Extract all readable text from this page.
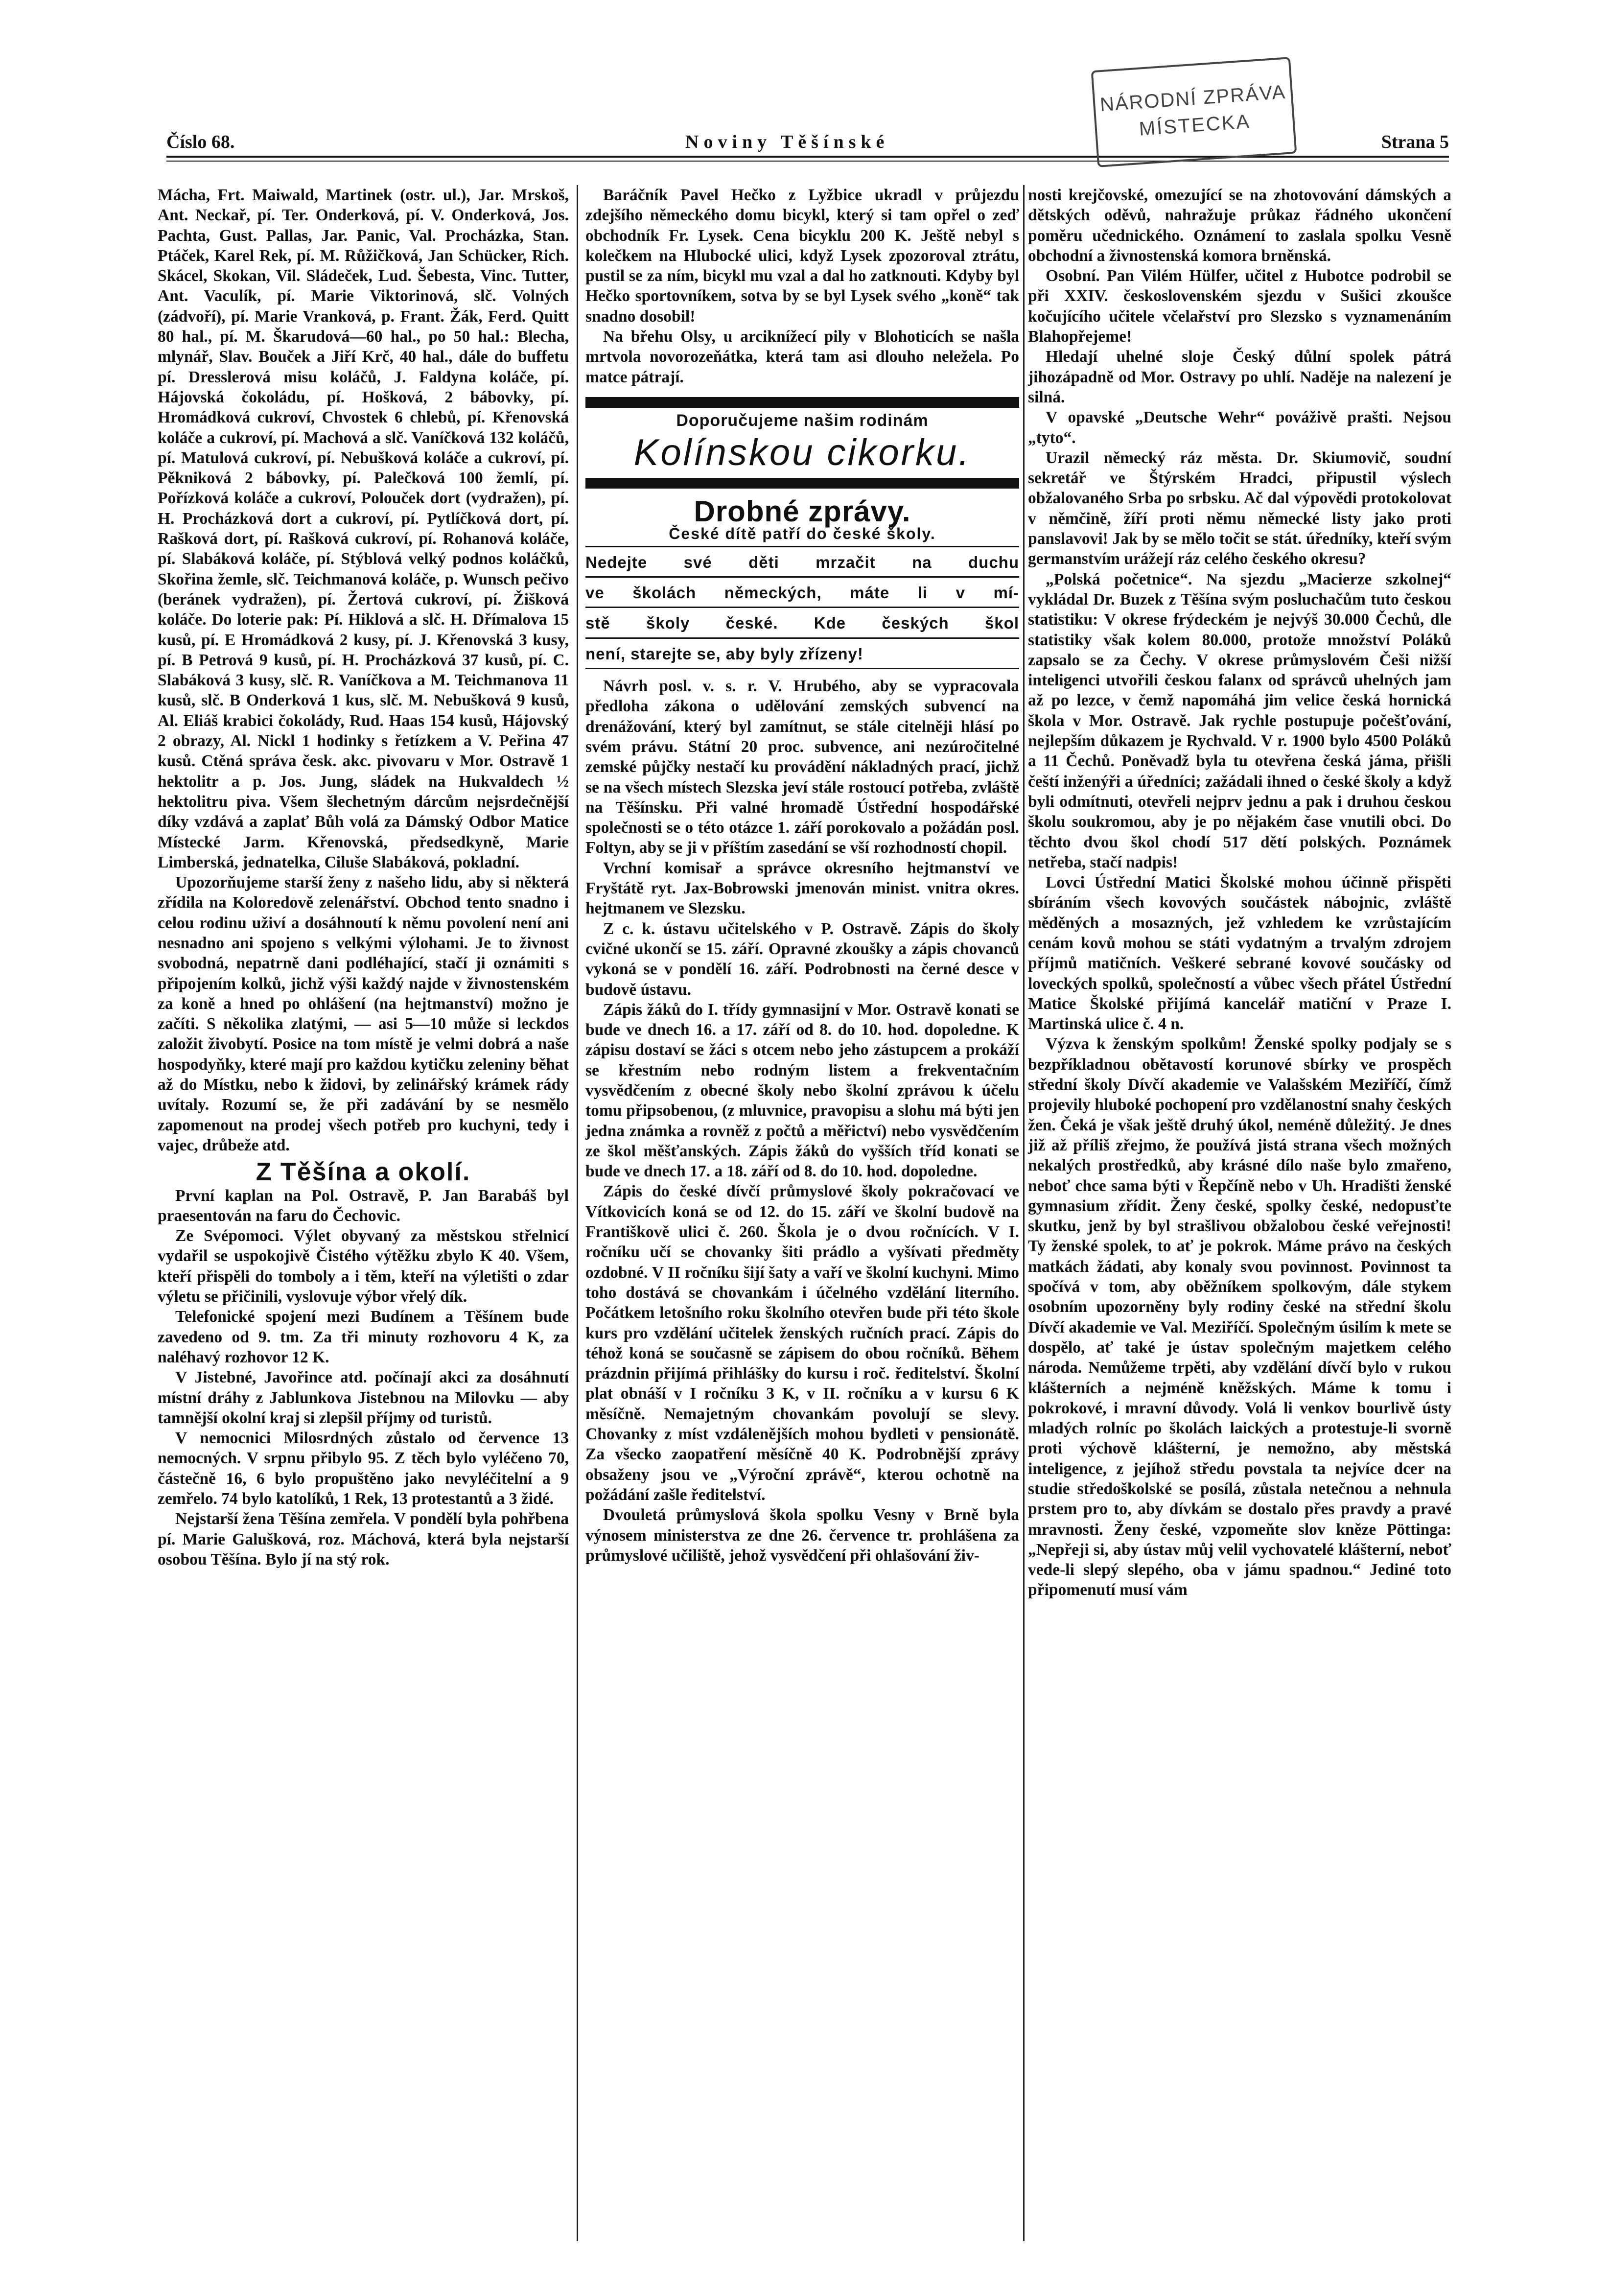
Číslo 68.	Noviny Těšínské	Strana 5
NÁRODNÍ ZPRÁVA
MÍSTECKA

Mácha, Frt. Maiwald, Martinek (ostr. ul.), Jar. Mrskoš, Ant. Neckař, pí. Ter. Onderková, pí. V. Onderková, Jos. Pachta, Gust. Pallas, Jar. Panic, Val. Procházka, Stan. Ptáček, Karel Rek, pí. M. Růžičková, Jan Schücker, Rich. Skácel, Skokan, Vil. Sládeček, Lud. Šebesta, Vinc. Tutter, Ant. Vaculík, pí. Marie Viktorinová, slč. Volných (zádvoří), pí. Marie Vranková, p. Frant. Žák, Ferd. Quitt 80 hal., pí. M. Škarudová—60 hal., po 50 hal.: Blecha, mlynář, Slav. Bouček a Jiří Krč, 40 hal., dále do buffetu pí. Dresslerová misu koláčů, J. Faldyna koláče, pí. Hájovská čokoládu, pí. Hošková, 2 bábovky, pí. Hromádková cukroví, Chvostek 6 chlebů, pí. Křenovská koláče a cukroví, pí. Machová a slč. Vaníčková 132 koláčů, pí. Matulová cukroví, pí. Nebušková koláče a cukroví, pí. Pěkniková 2 bábovky, pí. Palečková 100 žemlí, pí. Pořízková koláče a cukroví, Polouček dort (vydražen), pí. H. Procházková dort a cukroví, pí. Pytlíčková dort, pí. Rašková dort, pí. Rašková cukroví, pí. Rohanová koláče, pí. Slabáková koláče, pí. Stýblová velký podnos koláčků, Skořina žemle, slč. Teichmanová koláče, p. Wunsch pečivo (beránek vydražen), pí. Žertová cukroví, pí. Žišková koláče. Do loterie pak: Pí. Hiklová a slč. H. Dřímalova 15 kusů, pí. E Hromádková 2 kusy, pí. J. Křenovská 3 kusy, pí. B Petrová 9 kusů, pí. H. Procházková 37 kusů, pí. C. Slabáková 3 kusy, slč. R. Vaníčkova a M. Teichmanova 11 kusů, slč. B Onderková 1 kus, slč. M. Nebušková 9 kusů, Al. Eliáš krabici čokolády, Rud. Haas 154 kusů, Hájovský 2 obrazy, Al. Nickl 1 hodinky s řetízkem a V. Peřina 47 kusů. Ctěná správa česk. akc. pivovaru v Mor. Ostravě 1 hektolitr a p. Jos. Jung, sládek na Hukvaldech ½ hektolitru piva. Všem šlechetným dárcům nejsrdečnější díky vzdává a zaplať Bůh volá za Dámský Odbor Matice Místecké Jarm. Křenovská, předsedkyně, Marie Limberská, jednatelka, Ciluše Slabáková, pokladní.

Upozorňujeme starší ženy z našeho lidu, aby si některá zřídila na Koloredově zelenářství. Obchod tento snadno i celou rodinu uživí a dosáhnoutí k němu povolení není ani nesnadno ani spojeno s velkými výlohami. Je to živnost svobodná, nepatrně dani podléhající, stačí ji oznámiti s připojením kolků, jichž výši každý najde v živnostenském za koně a hned po ohlášení (na hejtmanství) možno je začíti. S několika zlatými, — asi 5—10 může si leckdos založit živobytí. Posice na tom místě je velmi dobrá a naše hospodyňky, které mají pro každou kytičku zeleniny běhat až do Místku, nebo k židovi, by zelinářský krámek rády uvítaly. Rozumí se, že při zadávání by se nesmělo zapomenout na prodej všech potřeb pro kuchyni, tedy i vajec, drůbeže atd.

Z Těšína a okolí.

První kaplan na Pol. Ostravě, P. Jan Barabáš byl praesentován na faru do Čechovic.

Ze Svépomoci. Výlet obyvaný za městskou střelnicí vydařil se uspokojivě Čistého výtěžku zbylo K 40. Všem, kteří přispěli do tomboly a i těm, kteří na výletišti o zdar výletu se přičinili, vyslovuje výbor vřelý dík.

Telefonické spojení mezi Budínem a Těšínem bude zavedeno od 9. tm. Za tři minuty rozhovoru 4 K, za naléhavý rozhovor 12 K.

V Jistebné, Javořince atd. počínají akci za dosáhnutí místní dráhy z Jablunkova Jistebnou na Milovku — aby tamnější okolní kraj si zlepšil příjmy od turistů.

V nemocnici Milosrdných zůstalo od července 13 nemocných. V srpnu přibylo 95. Z těch bylo vyléčeno 70, částečně 16, 6 bylo propuštěno jako nevyléčitelní a 9 zemřelo. 74 bylo katolíků, 1 Rek, 13 protestantů a 3 židé.

Nejstarší žena Těšína zemřela. V pondělí byla pohřbena pí. Marie Galušková, roz. Máchová, která byla nejstarší osobou Těšína. Bylo jí na stý rok.

Baráčník Pavel Hečko z Lyžbice ukradl v průjezdu zdejšího německého domu bicykl, který si tam opřel o zeď obchodník Fr. Lysek. Cena bicyklu 200 K. Ještě nebyl s kolečkem na Hlubocké ulici, když Lysek zpozoroval ztrátu, pustil se za ním, bicykl mu vzal a dal ho zatknouti. Kdyby byl Hečko sportovníkem, sotva by se byl Lysek svého „koně“ tak snadno dosobil!

Na břehu Olsy, u arciknížecí pily v Blohoticích se našla mrtvola novorozeňátka, která tam asi dlouho neležela. Po matce pátrají.

Doporučujeme našim rodinám
Kolínskou cikorku.
Drobné zprávy.
České dítě patří do české školy.
Nedejte své děti mrzačit na duchu
ve školách německých, máte li v mí-
stě školy české. Kde českých škol
není, starejte se, aby byly zřízeny!

Návrh posl. v. s. r. V. Hrubého, aby se vypracovala předloha zákona o udělování zemských subvencí na drenážování, který byl zamítnut, se stále citelněji hlásí po svém právu. Státní 20 proc. subvence, ani nezúročitelné zemské půjčky nestačí ku provádění nákladných prací, jichž se na všech místech Slezska jeví stále rostoucí potřeba, zvláště na Těšínsku. Při valné hromadě Ústřední hospodářské společnosti se o této otázce 1. září porokovalo a požádán posl. Foltyn, aby se ji v příštím zasedání se vší rozhodností chopil.

Vrchní komisař a správce okresního hejtmanství ve Fryštátě ryt. Jax-Bobrowski jmenován minist. vnitra okres. hejtmanem ve Slezsku.

Z c. k. ústavu učitelského v P. Ostravě. Zápis do školy cvičné ukončí se 15. září. Opravné zkoušky a zápis chovanců vykoná se v pondělí 16. září. Podrobnosti na černé desce v budově ústavu.

Zápis žáků do I. třídy gymnasijní v Mor. Ostravě konati se bude ve dnech 16. a 17. září od 8. do 10. hod. dopoledne. K zápisu dostaví se žáci s otcem nebo jeho zástupcem a prokáží se křestním nebo rodným listem a frekventačním vysvědčením z obecné školy nebo školní zprávou k účelu tomu připsobenou, (z mluvnice, pravopisu a slohu má býti jen jedna známka a rovněž z počtů a měřictví) nebo vysvědčením ze škol měšťanských. Zápis žáků do vyšších tříd konati se bude ve dnech 17. a 18. září od 8. do 10. hod. dopoledne.

Zápis do české dívčí průmyslové školy pokračovací ve Vítkovicích koná se od 12. do 15. září ve školní budově na Františkově ulici č. 260. Škola je o dvou ročnících. V I. ročníku učí se chovanky šiti prádlo a vyšívati předměty ozdobné. V II ročníku šijí šaty a vaří ve školní kuchyni. Mimo toho dostává se chovankám i účelného vzdělání literního. Počátkem letošního roku školního otevřen bude při této škole kurs pro vzdělání učitelek ženských ručních prací. Zápis do téhož koná se současně se zápisem do obou ročníků. Během prázdnin přijímá přihlášky do kursu i roč. ředitelství. Školní plat obnáší v I ročníku 3 K, v II. ročníku a v kursu 6 K měsíčně. Nemajetným chovankám povolují se slevy. Chovanky z míst vzdálenějších mohou bydleti v pensionátě. Za všecko zaopatření měsíčně 40 K. Podrobnější zprávy obsaženy jsou ve „Výroční zprávě“, kterou ochotně na požádání zašle ředitelství.

Dvouletá průmyslová škola spolku Vesny v Brně byla výnosem ministerstva ze dne 26. července tr. prohlášena za průmyslové učiliště, jehož vysvědčení při ohlašování živ-

nosti krejčovské, omezující se na zhotovování dámských a dětských oděvů, nahražuje průkaz řádného ukončení poměru učednického. Oznámení to zaslala spolku Vesně obchodní a živnostenská komora brněnská.

Osobní. Pan Vilém Hülfer, učitel z Hubotce podrobil se při XXIV. československém sjezdu v Sušici zkoušce kočujícího učitele včelařství pro Slezsko s vyznamenáním Blahopřejeme!

Hledají uhelné sloje Český důlní spolek pátrá jihozápadně od Mor. Ostravy po uhlí. Naděje na nalezení je silná.

V opavské „Deutsche Wehr“ pováživě prašti. Nejsou „tyto“.

Urazil německý ráz města. Dr. Skiumovič, soudní sekretář ve Štýrském Hradci, připustil výslech obžalovaného Srba po srbsku. Ač dal výpovědi protokolovat v němčině, žíří proti němu německé listy jako proti panslavovi! Jak by se mělo točit se stát. úředníky, kteří svým germanstvím urážejí ráz celého českého okresu?

„Polská početnice“. Na sjezdu „Macierze szkolnej“ vykládal Dr. Buzek z Těšína svým posluchačům tuto českou statistiku: V okrese frýdeckém je nejvýš 30.000 Čechů, dle statistiky však kolem 80.000, protože množství Poláků zapsalo se za Čechy. V okrese průmyslovém Češi nižší inteligenci utvořili českou falanx od správců uhelných jam až po lezce, v čemž napomáhá jim velice česká hornická škola v Mor. Ostravě. Jak rychle postupuje počešťování, nejlepším důkazem je Rychvald. V r. 1900 bylo 4500 Poláků a 11 Čechů. Poněvadž byla tu otevřena česká jáma, přišli čeští inženýři a úředníci; zažádali ihned o české školy a když byli odmítnuti, otevřeli nejprv jednu a pak i druhou českou školu soukromou, aby je po nějakém čase vnutili obci. Do těchto dvou škol chodí 517 dětí polských. Poznámek netřeba, stačí nadpis!

Lovci Ústřední Matici Školské mohou účinně přispěti sbíráním všech kovových součástek nábojnic, zvláště měděných a mosazných, jež vzhledem ke vzrůstajícím cenám kovů mohou se státi vydatným a trvalým zdrojem příjmů matičních. Veškeré sebrané kovové součásky od loveckých spolků, společností a vůbec všech přátel Ústřední Matice Školské přijímá kancelář matiční v Praze I. Martinská ulice č. 4 n.

Výzva k ženským spolkům! Ženské spolky podjaly se s bezpříkladnou obětavostí korunové sbírky ve prospěch střední školy Dívčí akademie ve Valašském Meziříčí, čímž projevily hluboké pochopení pro vzdělanostní snahy českých žen. Čeká je však ještě druhý úkol, neméně důležitý. Je dnes již až příliš zřejmo, že používá jistá strana všech možných nekalých prostředků, aby krásné dílo naše bylo zmařeno, neboť chce sama býti v Řepčíně nebo v Uh. Hradišti ženské gymnasium zřídit. Ženy české, spolky české, nedopusťte skutku, jenž by byl strašlivou obžalobou české veřejnosti! Ty ženské spolek, to ať je pokrok. Máme právo na českých matkách žádati, aby konaly svou povinnost. Povinnost ta spočívá v tom, aby oběžníkem spolkovým, dále stykem osobním upozorněny byly rodiny české na střední školu Dívčí akademie ve Val. Meziříčí. Společným úsilím k mete se dospělo, ať také je ústav společným majetkem celého národa. Nemůžeme trpěti, aby vzdělání dívčí bylo v rukou klášterních a nejméně kněžských. Máme k tomu i pokrokové, i mravní důvody. Volá li venkov bourlivě ústy mladých rolníc po školách laických a protestuje-li svorně proti výchově klášterní, je nemožno, aby městská inteligence, z jejíhož středu povstala ta nejvíce dcer na studie středoškolské se posílá, zůstala netečnou a nehnula prstem pro to, aby dívkám se dostalo přes pravdy a pravé mravnosti. Ženy české, vzpomeňte slov kněze Pöttinga: „Nepřeji si, aby ústav můj velil vychovatelé klášterní, neboť vede-li slepý slepého, oba v jámu spadnou.“ Jediné toto připomenutí musí vám
